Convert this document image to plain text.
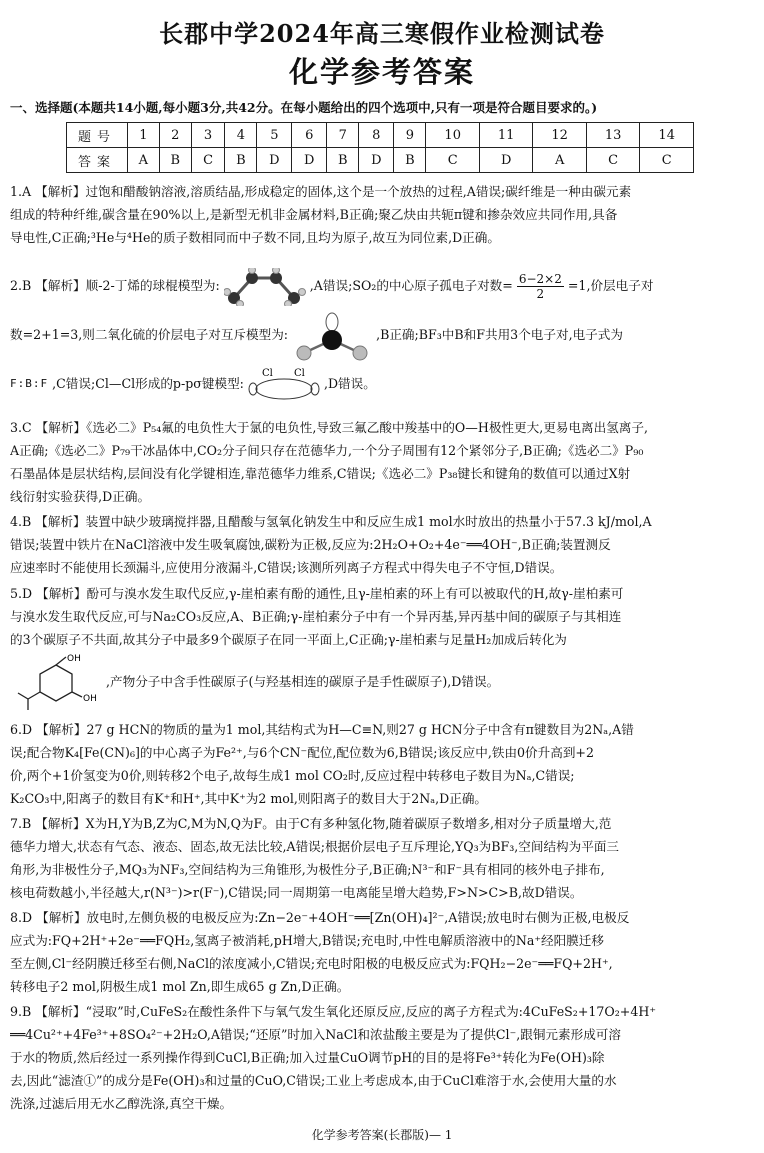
长郡中学2024年高三寒假作业检测试卷
化学参考答案
一、选择题(本题共14小题,每小题3分,共42分。在每小题给出的四个选项中,只有一项是符合题目要求的。)
题号	1	2	3	4	5	6	7	8	9	10	11	12	13	14
答案	A	B	C	B	D	D	B	D	B	C	D	A	C	C
1.A 【解析】过饱和醋酸钠溶液,溶质结晶,形成稳定的固体,这个是一个放热的过程,A错误;碳纤维是一种由碳元素
组成的特种纤维,碳含量在90%以上,是新型无机非金属材料,B正确;聚乙炔由共轭π键和掺杂效应共同作用,具备
导电性,C正确;³He与⁴He的质子数相同而中子数不同,且均为原子,故互为同位素,D正确。
2.B 【解析】顺-2-丁烯的球棍模型为:	,A错误;SO₂的中心原子孤电子对数= $\frac{6-2\times 2}{2} =1$,价层电子对
数=2+1=3,则二氧化硫的价层电子对互斥模型为:	,B正确;BF₃中B和F共用3个电子对,电子式为
F:B:F ,C错误;Cl—Cl形成的p-pσ键模型:
Cl Cl
,D错误。
3.C 【解析】《选必二》P₅₄氟的电负性大于氯的电负性,导致三氟乙酸中羧基中的O—H极性更大,更易电离出氢离子,
A正确;《选必二》P₇₉干冰晶体中,CO₂分子间只存在范德华力,一个分子周围有12个紧邻分子,B正确;《选必二》P₉₀
石墨晶体是层状结构,层间没有化学键相连,靠范德华力维系,C错误;《选必二》P₃₈键长和键角的数值可以通过X射
线衍射实验获得,D正确。
4.B 【解析】装置中缺少玻璃搅拌器,且醋酸与氢氧化钠发生中和反应生成1 mol水时放出的热量小于57.3 kJ/mol,A
错误;装置中铁片在NaCl溶液中发生吸氧腐蚀,碳粉为正极,反应为:2H₂O+O₂+4e⁻══4OH⁻,B正确;装置测反
应速率时不能使用长颈漏斗,应使用分液漏斗,C错误;该测所列离子方程式中得失电子不守恒,D错误。
5.D 【解析】酚可与溴水发生取代反应,γ-崖柏素有酚的通性,且γ-崖柏素的环上有可以被取代的H,故γ-崖柏素可
与溴水发生取代反应,可与Na₂CO₃反应,A、B正确;γ-崖柏素分子中有一个异丙基,异丙基中间的碳原子与其相连
的3个碳原子不共面,故其分子中最多9个碳原子在同一平面上,C正确;γ-崖柏素与足量H₂加成后转化为
OH
OH
,产物分子中含手性碳原子(与羟基相连的碳原子是手性碳原子),D错误。
6.D 【解析】27 g HCN的物质的量为1 mol,其结构式为H—C≡N,则27 g HCN分子中含有π键数目为2Nₐ,A错
误;配合物K₄[Fe(CN)₆]的中心离子为Fe²⁺,与6个CN⁻配位,配位数为6,B错误;该反应中,铁由0价升高到+2
价,两个+1价氢变为0价,则转移2个电子,故每生成1 mol CO₂时,反应过程中转移电子数目为Nₐ,C错误;
K₂CO₃中,阳离子的数目有K⁺和H⁺,其中K⁺为2 mol,则阳离子的数目大于2Nₐ,D正确。
7.B 【解析】X为H,Y为B,Z为C,M为N,Q为F。由于C有多种氢化物,随着碳原子数增多,相对分子质量增大,范
德华力增大,状态有气态、液态、固态,故无法比较,A错误;根据价层电子互斥理论,YQ₃为BF₃,空间结构为平面三
角形,为非极性分子,MQ₃为NF₃,空间结构为三角锥形,为极性分子,B正确;N³⁻和F⁻具有相同的核外电子排布,
核电荷数越小,半径越大,r(N³⁻)>r(F⁻),C错误;同一周期第一电离能呈增大趋势,F>N>C>B,故D错误。
8.D 【解析】放电时,左侧负极的电极反应为:Zn−2e⁻+4OH⁻══[Zn(OH)₄]²⁻,A错误;放电时右侧为正极,电极反
应式为:FQ+2H⁺+2e⁻══FQH₂,氢离子被消耗,pH增大,B错误;充电时,中性电解质溶液中的Na⁺经阳膜迁移
至左侧,Cl⁻经阴膜迁移至右侧,NaCl的浓度减小,C错误;充电时阳极的电极反应式为:FQH₂−2e⁻══FQ+2H⁺,
转移电子2 mol,阴极生成1 mol Zn,即生成65 g Zn,D正确。
9.B 【解析】“浸取”时,CuFeS₂在酸性条件下与氧气发生氧化还原反应,反应的离子方程式为:4CuFeS₂+17O₂+4H⁺
══4Cu²⁺+4Fe³⁺+8SO₄²⁻+2H₂O,A错误;“还原”时加入NaCl和浓盐酸主要是为了提供Cl⁻,跟铜元素形成可溶
于水的物质,然后经过一系列操作得到CuCl,B正确;加入过量CuO调节pH的目的是将Fe³⁺转化为Fe(OH)₃除
去,因此“滤渣①”的成分是Fe(OH)₃和过量的CuO,C错误;工业上考虑成本,由于CuCl难溶于水,会使用大量的水
洗涤,过滤后用无水乙醇洗涤,真空干燥。
化学参考答案(长郡版)— 1
